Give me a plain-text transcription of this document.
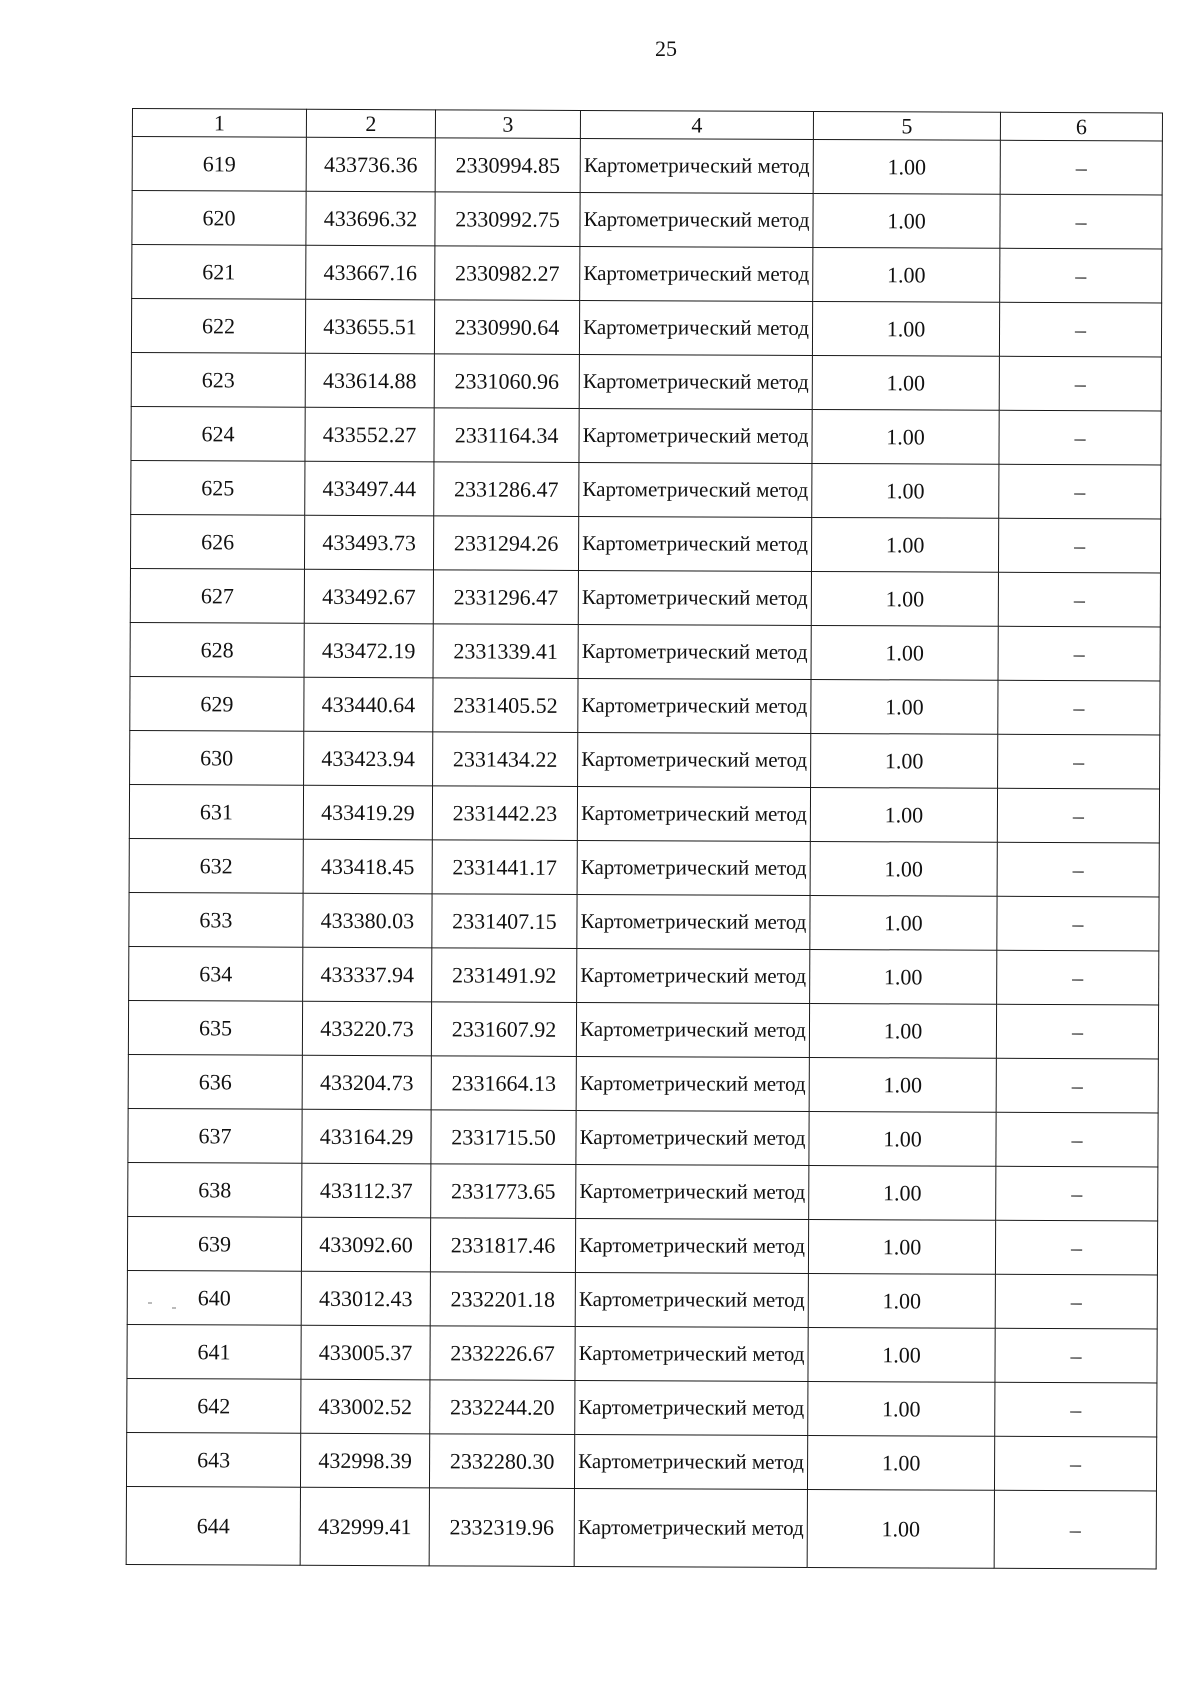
25
1	2	3	4	5	6
619	433736.36	2330994.85	Картометрический метод	1.00	–
620	433696.32	2330992.75	Картометрический метод	1.00	–
621	433667.16	2330982.27	Картометрический метод	1.00	–
622	433655.51	2330990.64	Картометрический метод	1.00	–
623	433614.88	2331060.96	Картометрический метод	1.00	–
624	433552.27	2331164.34	Картометрический метод	1.00	–
625	433497.44	2331286.47	Картометрический метод	1.00	–
626	433493.73	2331294.26	Картометрический метод	1.00	–
627	433492.67	2331296.47	Картометрический метод	1.00	–
628	433472.19	2331339.41	Картометрический метод	1.00	–
629	433440.64	2331405.52	Картометрический метод	1.00	–
630	433423.94	2331434.22	Картометрический метод	1.00	–
631	433419.29	2331442.23	Картометрический метод	1.00	–
632	433418.45	2331441.17	Картометрический метод	1.00	–
633	433380.03	2331407.15	Картометрический метод	1.00	–
634	433337.94	2331491.92	Картометрический метод	1.00	–
635	433220.73	2331607.92	Картометрический метод	1.00	–
636	433204.73	2331664.13	Картометрический метод	1.00	–
637	433164.29	2331715.50	Картометрический метод	1.00	–
638	433112.37	2331773.65	Картометрический метод	1.00	–
639	433092.60	2331817.46	Картометрический метод	1.00	–
640	433012.43	2332201.18	Картометрический метод	1.00	–
641	433005.37	2332226.67	Картометрический метод	1.00	–
642	433002.52	2332244.20	Картометрический метод	1.00	–
643	432998.39	2332280.30	Картометрический метод	1.00	–
644	432999.41	2332319.96	Картометрический метод	1.00	–
